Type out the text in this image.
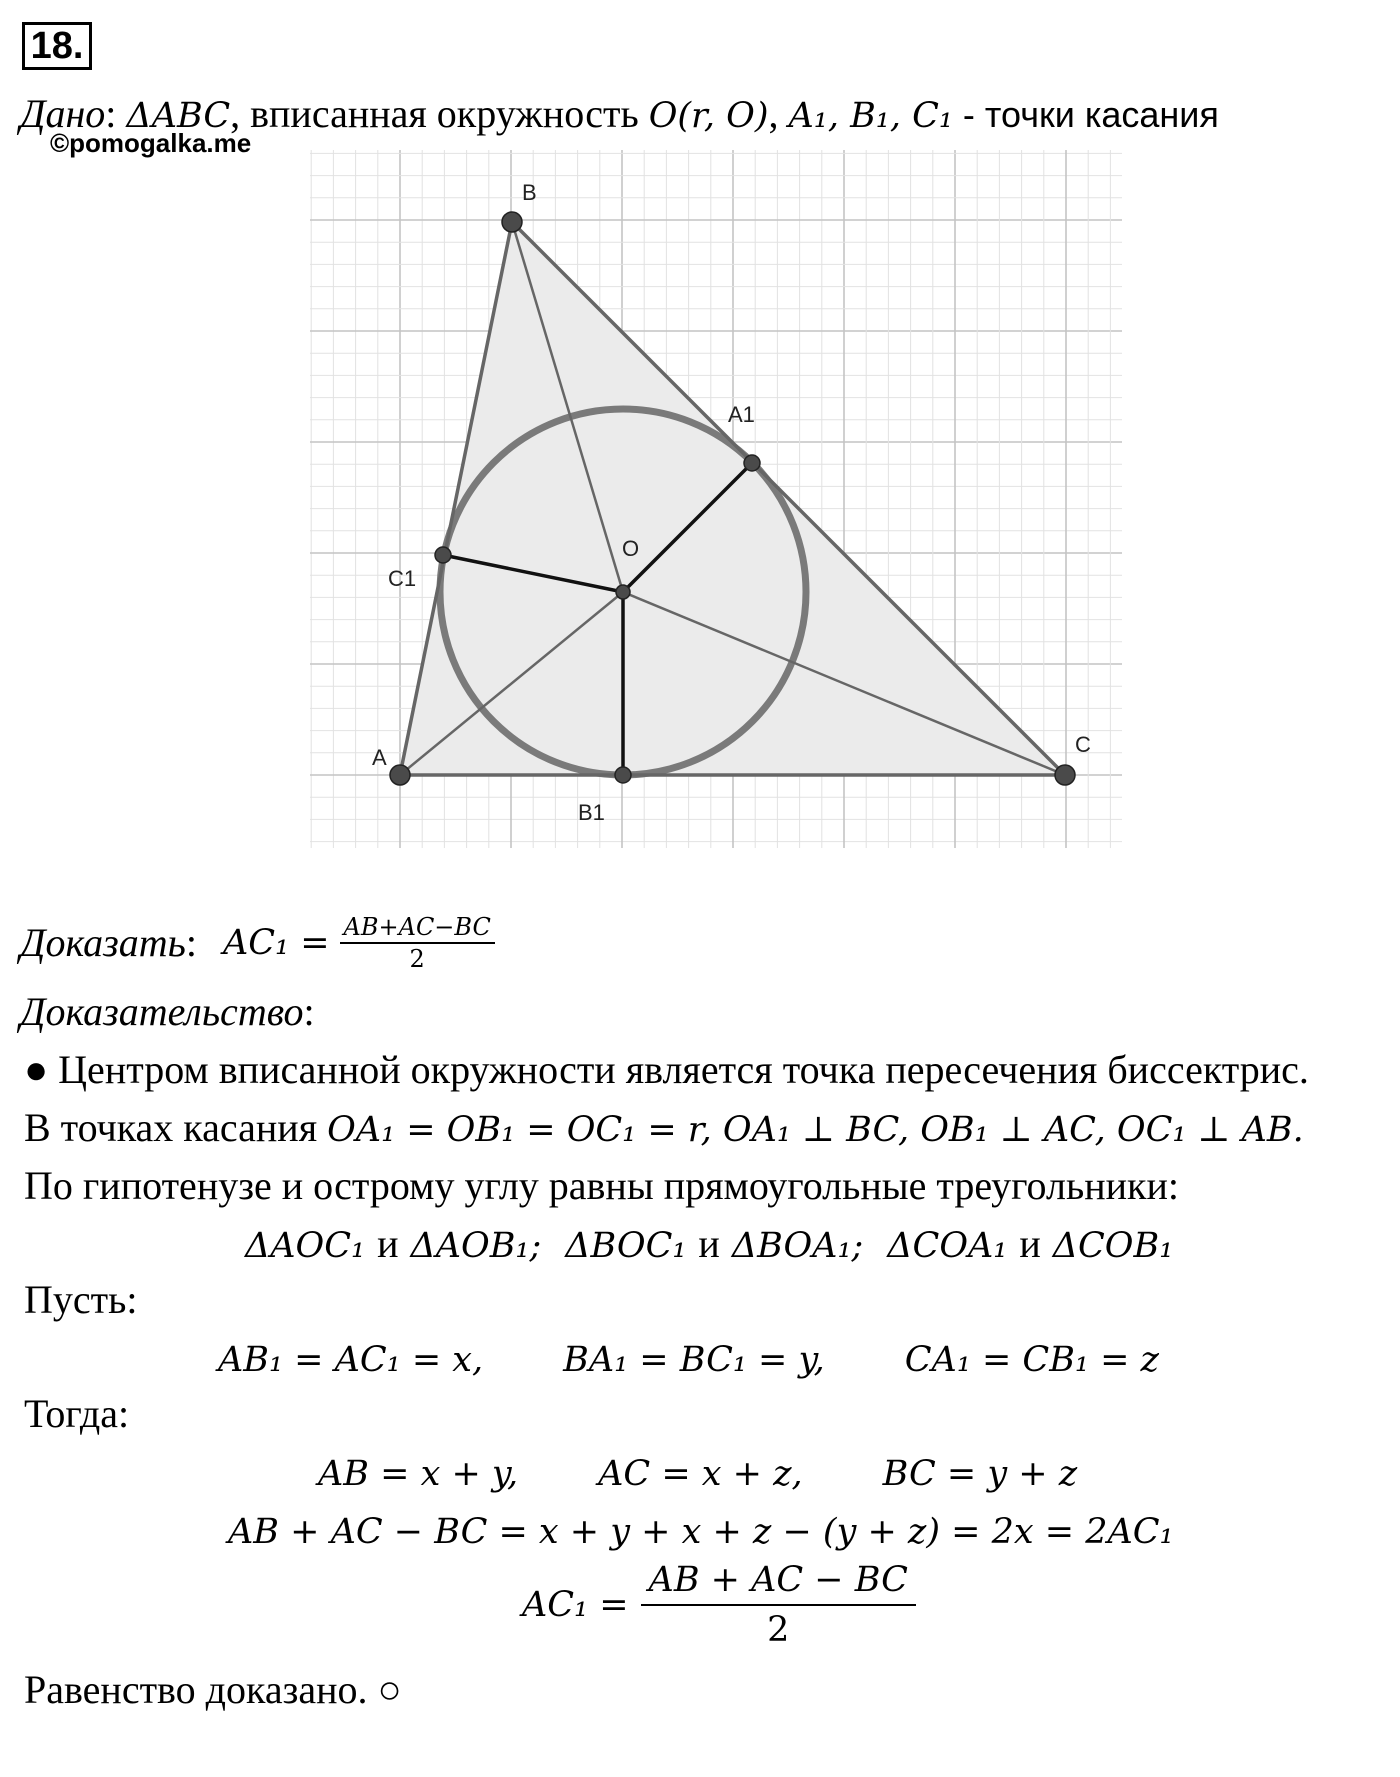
18.
Дано: ΔABC, вписанная окружность O(r, O), A₁, B₁, C₁ - точки касания
©pomogalka.me
A
B
C
O
A1
B1
C1
Доказать : $AC_1 = \frac{AB+AC-BC}{2}$
Доказательство:
● Центром вписанной окружности является точка пересечения биссектрис.
В точках касания OA₁ = OB₁ = OC₁ = r, OA₁ ⊥ BC, OB₁ ⊥ AC, OC₁ ⊥ AB.
По гипотенузе и острому углу равны прямоугольные треугольники:
ΔAOC₁ и ΔAOB₁; ΔBOC₁ и ΔBOA₁; ΔCOA₁ и ΔCOB₁
Пусть:
AB₁ = AC₁ = x, BA₁ = BC₁ = y, CA₁ = CB₁ = z
Тогда:
AB = x + y, AC = x + z, BC = y + z
AB + AC − BC = x + y + x + z − (y + z) = 2x = 2AC₁
$AC_1 = \frac{AB + AC - BC}{2}$
Равенство доказано. ○
